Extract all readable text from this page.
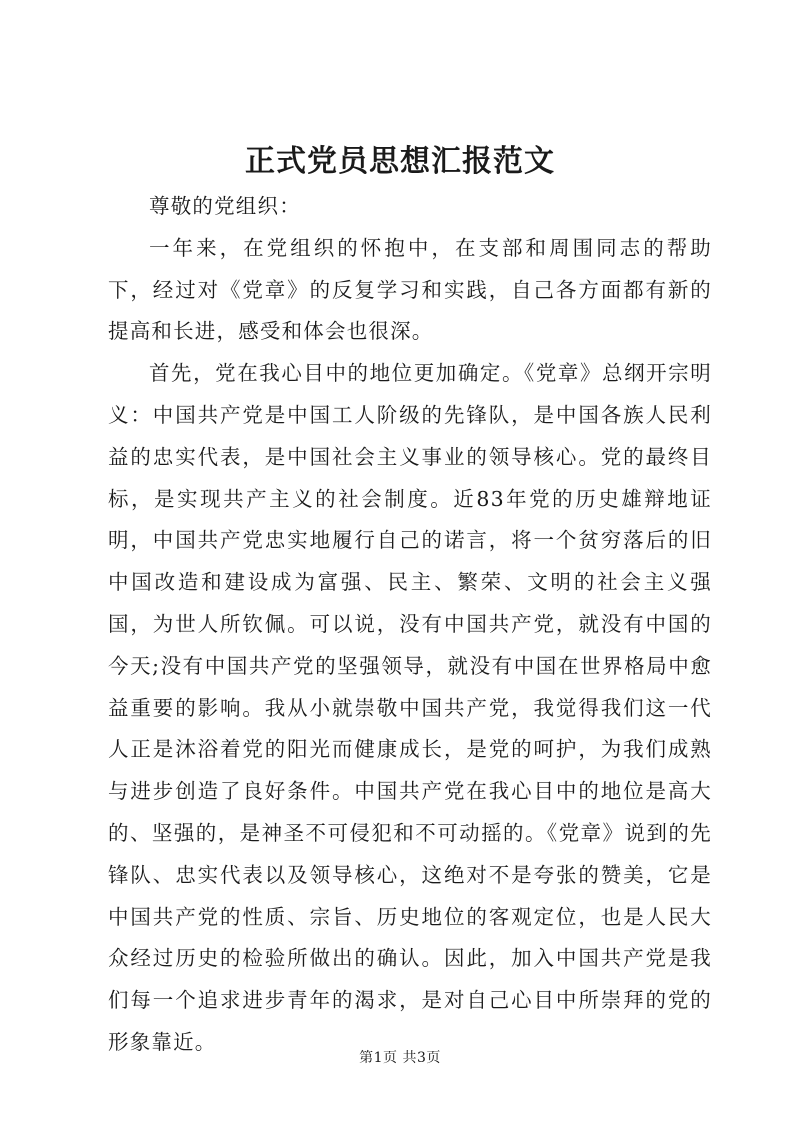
正式党员思想汇报范文

尊敬的党组织：

一年来，在党组织的怀抱中，在支部和周围同志的帮助下，经过对《党章》的反复学习和实践，自己各方面都有新的提高和长进，感受和体会也很深。

首先，党在我心目中的地位更加确定。《党章》总纲开宗明义：中国共产党是中国工人阶级的先锋队，是中国各族人民利益的忠实代表，是中国社会主义事业的领导核心。党的最终目标，是实现共产主义的社会制度。近83年党的历史雄辩地证明，中国共产党忠实地履行自己的诺言，将一个贫穷落后的旧中国改造和建设成为富强、民主、繁荣、文明的社会主义强国，为世人所钦佩。可以说，没有中国共产党，就没有中国的今天;没有中国共产党的坚强领导，就没有中国在世界格局中愈益重要的影响。我从小就崇敬中国共产党，我觉得我们这一代人正是沐浴着党的阳光而健康成长，是党的呵护，为我们成熟与进步创造了良好条件。中国共产党在我心目中的地位是高大的、坚强的，是神圣不可侵犯和不可动摇的。《党章》说到的先锋队、忠实代表以及领导核心，这绝对不是夸张的赞美，它是中国共产党的性质、宗旨、历史地位的客观定位，也是人民大众经过历史的检验所做出的确认。因此，加入中国共产党是我们每一个追求进步青年的渴求，是对自己心目中所崇拜的党的形象靠近。

第1页 共3页
